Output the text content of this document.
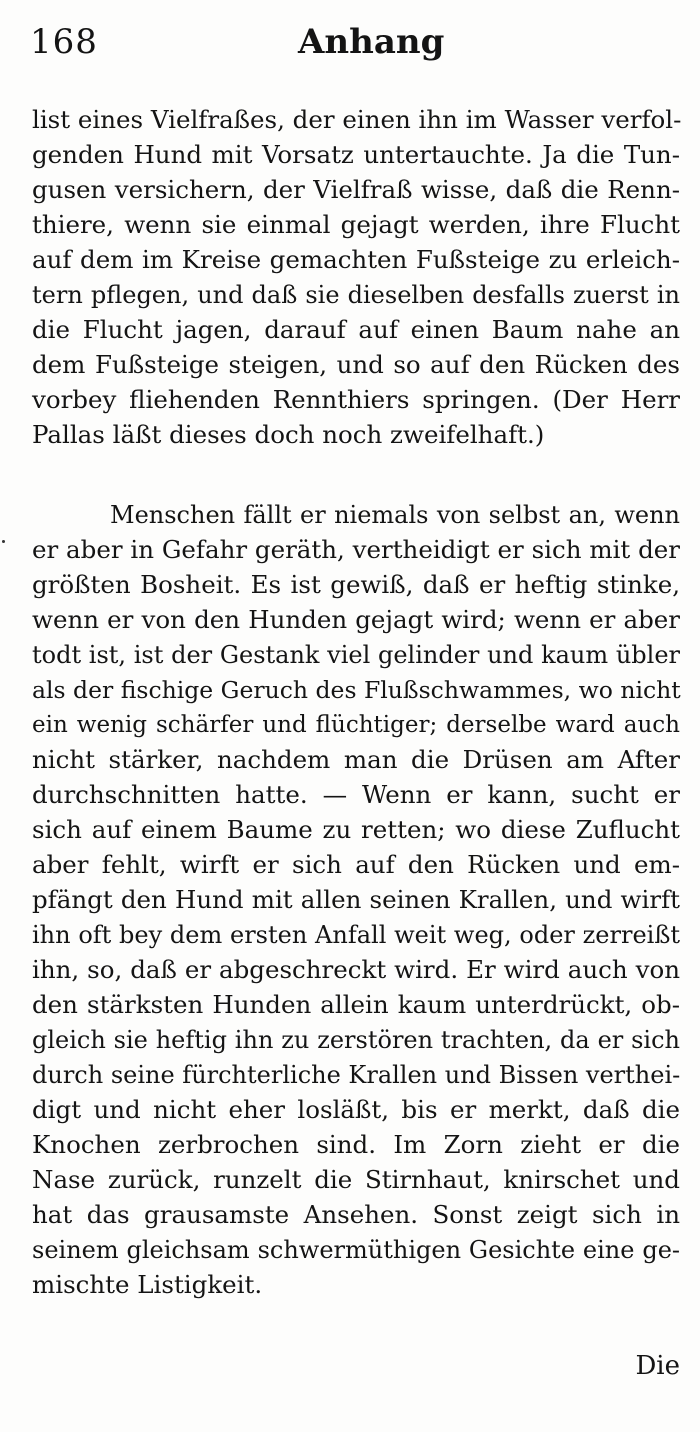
168	Anhang
list eines Vielfraßes, der einen ihn im Wasser verfol-
genden Hund mit Vorsatz untertauchte. Ja die Tun-
gusen versichern, der Vielfraß wisse, daß die Renn-
thiere, wenn sie einmal gejagt werden, ihre Flucht
auf dem im Kreise gemachten Fußsteige zu erleich-
tern pflegen, und daß sie dieselben desfalls zuerst in
die Flucht jagen, darauf auf einen Baum nahe an
dem Fußsteige steigen, und so auf den Rücken des
vorbey fliehenden Rennthiers springen. (Der Herr
Pallas läßt dieses doch noch zweifelhaft.)
Menschen fällt er niemals von selbst an, wenn
er aber in Gefahr geräth, vertheidigt er sich mit der
größten Bosheit. Es ist gewiß, daß er heftig stinke,
wenn er von den Hunden gejagt wird; wenn er aber
todt ist, ist der Gestank viel gelinder und kaum übler
als der fischige Geruch des Flußschwammes, wo nicht
ein wenig schärfer und flüchtiger; derselbe ward auch
nicht stärker, nachdem man die Drüsen am After
durchschnitten hatte. — Wenn er kann, sucht er
sich auf einem Baume zu retten; wo diese Zuflucht
aber fehlt, wirft er sich auf den Rücken und em-
pfängt den Hund mit allen seinen Krallen, und wirft
ihn oft bey dem ersten Anfall weit weg, oder zerreißt
ihn, so, daß er abgeschreckt wird. Er wird auch von
den stärksten Hunden allein kaum unterdrückt, ob-
gleich sie heftig ihn zu zerstören trachten, da er sich
durch seine fürchterliche Krallen und Bissen verthei-
digt und nicht eher losläßt, bis er merkt, daß die
Knochen zerbrochen sind. Im Zorn zieht er die
Nase zurück, runzelt die Stirnhaut, knirschet und
hat das grausamste Ansehen. Sonst zeigt sich in
seinem gleichsam schwermüthigen Gesichte eine ge-
mischte Listigkeit.
Die
